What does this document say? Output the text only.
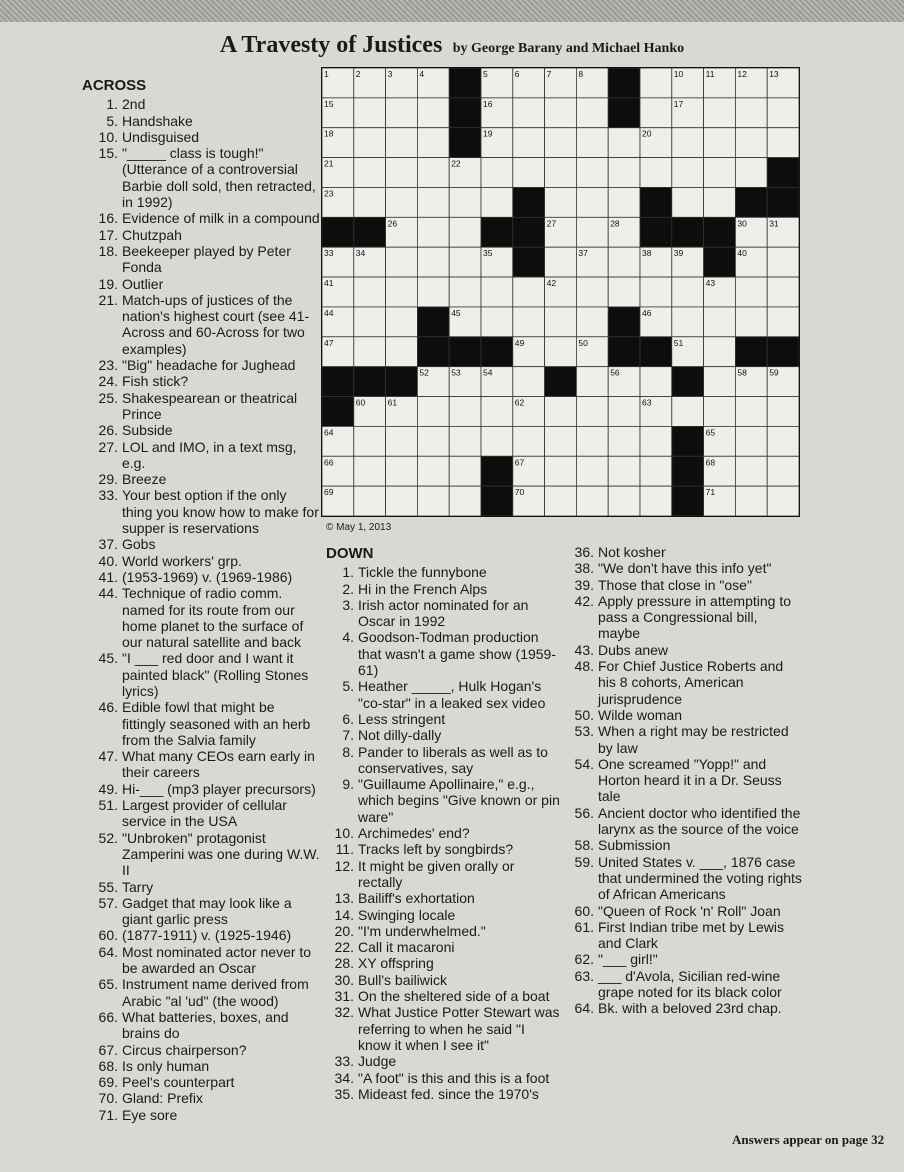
A Travesty of Justices by George Barany and Michael Hanko
ACROSS
1. 2nd
5. Handshake
10. Undisguised
15. "_____ class is tough!" (Utterance of a controversial Barbie doll sold, then retracted, in 1992)
16. Evidence of milk in a compound
17. Chutzpah
18. Beekeeper played by Peter Fonda
19. Outlier
21. Match-ups of justices of the nation's highest court (see 41-Across and 60-Across for two examples)
23. "Big" headache for Jughead
24. Fish stick?
25. Shakespearean or theatrical Prince
26. Subside
27. LOL and IMO, in a text msg, e.g.
29. Breeze
33. Your best option if the only thing you know how to make for supper is reservations
37. Gobs
40. World workers' grp.
41. (1953-1969) v. (1969-1986)
44. Technique of radio comm. named for its route from our home planet to the surface of our natural satellite and back
45. "I ___ red door and I want it painted black" (Rolling Stones lyrics)
46. Edible fowl that might be fittingly seasoned with an herb from the Salvia family
47. What many CEOs earn early in their careers
49. Hi-___ (mp3 player precursors)
51. Largest provider of cellular service in the USA
52. "Unbroken" protagonist Zamperini was one during W.W. II
55. Tarry
57. Gadget that may look like a giant garlic press
60. (1877-1911) v. (1925-1946)
64. Most nominated actor never to be awarded an Oscar
65. Instrument name derived from Arabic "al 'ud" (the wood)
66. What batteries, boxes, and brains do
67. Circus chairperson?
68. Is only human
69. Peel's counterpart
70. Gland: Prefix
71. Eye sore
1	2	3	4	5	6	7	8	9	10	11	12	13
15	16	17
18	19	20
21	22
23	24	25
26	27	28	29	30	31
33	34	35	36	37	38	39	40
41	42	43
44	45	46
47	48	49	50	51
52	53	54	55	56	57	58	59
60	61	62	63
64	65
66	67	68
69	70	71
© May 1, 2013
DOWN
1. Tickle the funnybone
2. Hi in the French Alps
3. Irish actor nominated for an Oscar in 1992
4. Goodson-Todman production that wasn't a game show (1959-61)
5. Heather _____, Hulk Hogan's "co-star" in a leaked sex video
6. Less stringent
7. Not dilly-dally
8. Pander to liberals as well as to conservatives, say
9. "Guillaume Apollinaire," e.g., which begins "Give known or pin ware"
10. Archimedes' end?
11. Tracks left by songbirds?
12. It might be given orally or rectally
13. Bailiff's exhortation
14. Swinging locale
20. "I'm underwhelmed."
22. Call it macaroni
28. XY offspring
30. Bull's bailiwick
31. On the sheltered side of a boat
32. What Justice Potter Stewart was referring to when he said "I know it when I see it"
33. Judge
34. "A foot" is this and this is a foot
35. Mideast fed. since the 1970's
36. Not kosher
38. "We don't have this info yet"
39. Those that close in "ose"
42. Apply pressure in attempting to pass a Congressional bill, maybe
43. Dubs anew
48. For Chief Justice Roberts and his 8 cohorts, American jurisprudence
50. Wilde woman
53. When a right may be restricted by law
54. One screamed "Yopp!" and Horton heard it in a Dr. Seuss tale
56. Ancient doctor who identified the larynx as the source of the voice
58. Submission
59. United States v. ___, 1876 case that undermined the voting rights of African Americans
60. "Queen of Rock 'n' Roll" Joan
61. First Indian tribe met by Lewis and Clark
62. "___ girl!"
63. ___ d'Avola, Sicilian red-wine grape noted for its black color
64. Bk. with a beloved 23rd chap.
Answers appear on page 32
